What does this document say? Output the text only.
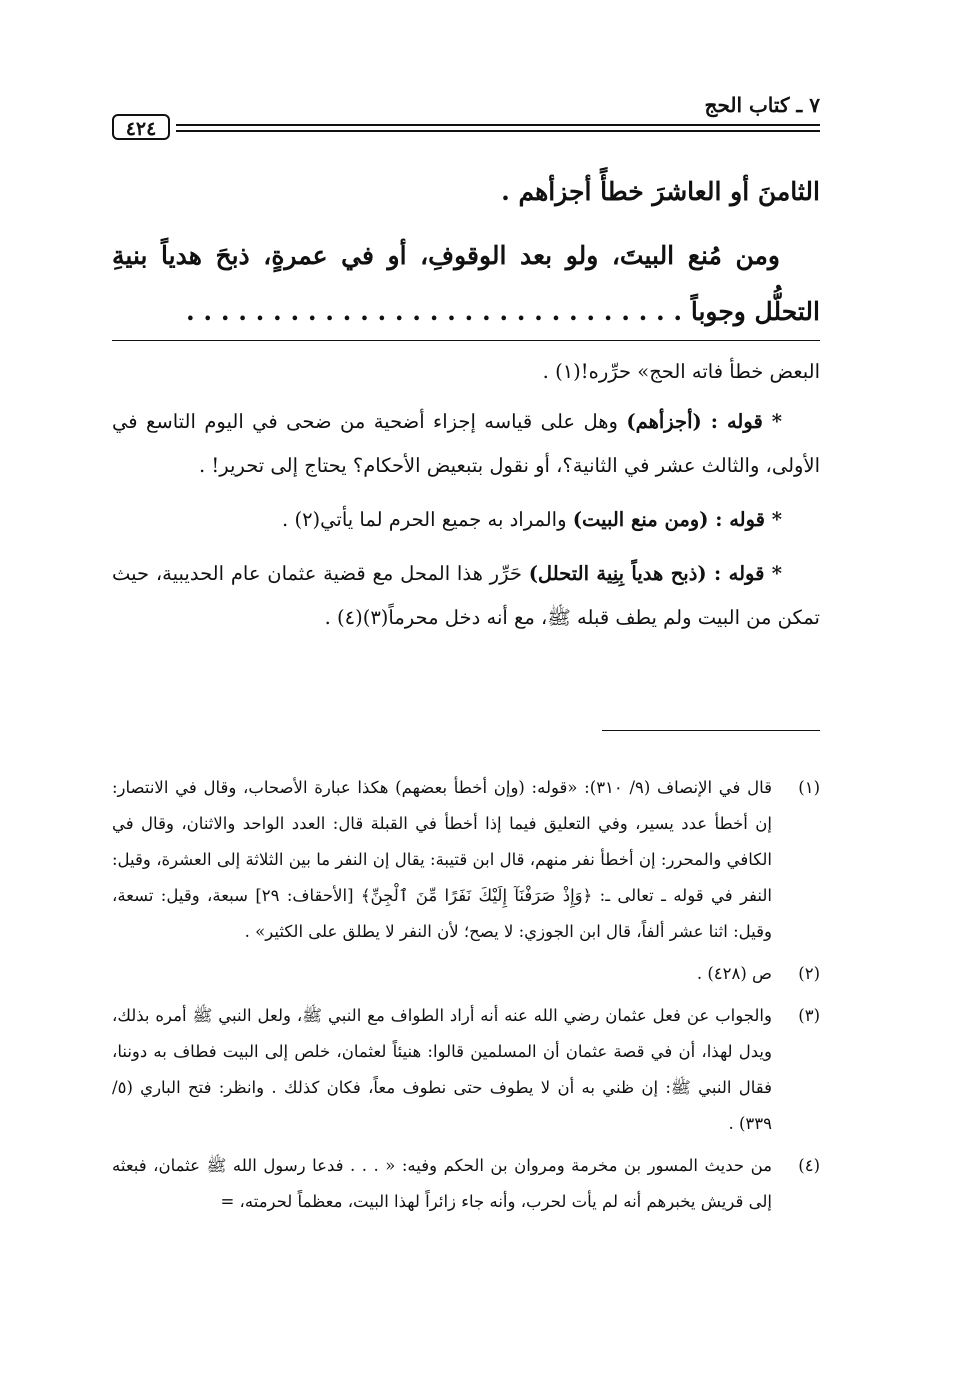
٧ ـ كتاب الحج
٤٢٤

الثامنَ أو العاشرَ خطأً أجزأهم .

ومن مُنع البيتَ، ولو بعد الوقوفِ، أو في عمرةٍ، ذبحَ هدياً بنيةِ التحلُّل وجوباً . . . . . . . . . . . . . . . . . . . . . . . . . . . . .

البعض خطأ فاته الحج» حرِّره!(١) .

* قوله : (أجزأهم) وهل على قياسه إجزاء أضحية من ضحى في اليوم التاسع في الأولى، والثالث عشر في الثانية؟، أو نقول بتبعيض الأحكام؟ يحتاج إلى تحرير! .

* قوله : (ومن منع البيت) والمراد به جميع الحرم لما يأتي(٢) .

* قوله : (ذبح هدياً بِنِية التحلل) حَرِّر هذا المحل مع قضية عثمان عام الحديبية، حيث تمكن من البيت ولم يطف قبله ﷺ، مع أنه دخل محرماً(٣)(٤) .

(١)
قال في الإنصاف (٩/ ٣١٠): «قوله: (وإن أخطأ بعضهم) هكذا عبارة الأصحاب، وقال في الانتصار: إن أخطأ عدد يسير، وفي التعليق فيما إذا أخطأ في القبلة قال: العدد الواحد والاثنان، وقال في الكافي والمحرر: إن أخطأ نفر منهم، قال ابن قتيبة: يقال إن النفر ما بين الثلاثة إلى العشرة، وقيل: النفر في قوله ـ تعالى ـ: ﴿وَإِذْ صَرَفْنَآ إِلَيْكَ نَفَرًا مِّنَ ٱلْجِنِّ﴾ [الأحقاف: ٢٩] سبعة، وقيل: تسعة، وقيل: اثنا عشر ألفاً، قال ابن الجوزي: لا يصح؛ لأن النفر لا يطلق على الكثير» .
(٢)
ص (٤٢٨) .
(٣)
والجواب عن فعل عثمان رضي الله عنه أنه أراد الطواف مع النبي ﷺ، ولعل النبي ﷺ أمره بذلك، ويدل لهذا، أن في قصة عثمان أن المسلمين قالوا: هنيئاً لعثمان، خلص إلى البيت فطاف به دوننا، فقال النبي ﷺ: إن ظني به أن لا يطوف حتى نطوف معاً، فكان كذلك . وانظر: فتح الباري (٥/ ٣٣٩) .
(٤)
من حديث المسور بن مخرمة ومروان بن الحكم وفيه: « . . . فدعا رسول الله ﷺ عثمان، فبعثه إلى قريش يخبرهم أنه لم يأت لحرب، وأنه جاء زائراً لهذا البيت، معظماً لحرمته، =
